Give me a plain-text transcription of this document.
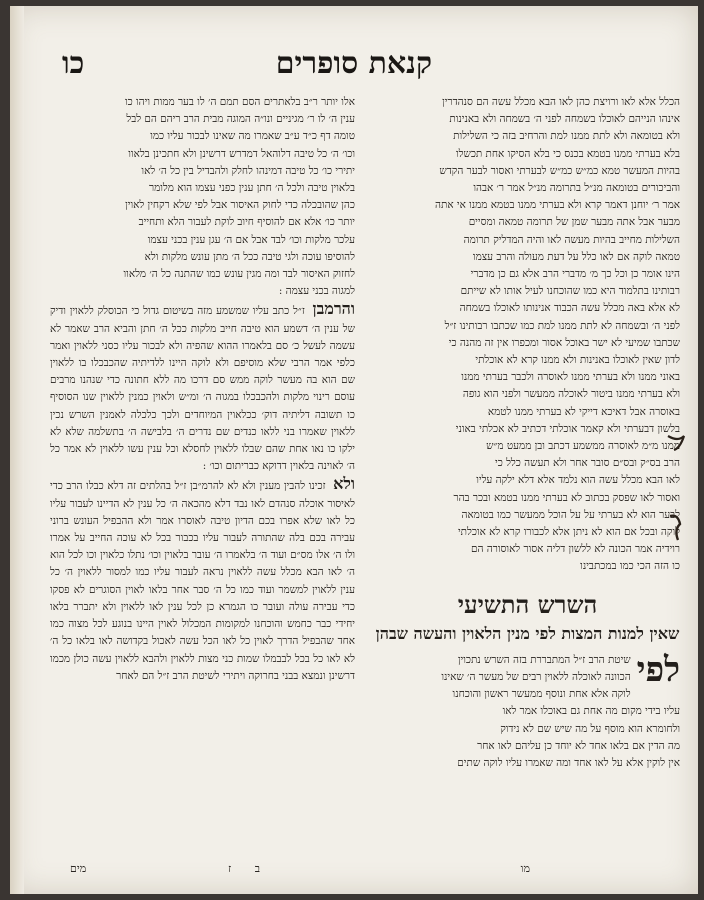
קנאת סופרים
כו
הכלל אלא לאו ורויצת כהן לאו הבא מכלל עשה הם סנהדרין
אינהו הנייהם לאוכלו בשמחה לפני ה׳ בשמחה ולא באנינות
ולא בטומאה ולא לתת ממנו למת והרחיב בזה כי השלילות
בלא בערתי ממנו בטמא בכנס כי בלא הסיקו אחת תכשלו
בהיות המעשר טמא כמ״ש כמ״ש לבערתי ואסור לבער הקדש
והביכורים בטומאה מנ״ל בתרומה מנ״ל אמר ר׳ אבהו
אמר ר׳ יוחנן דאמר קרא ולא בערתי ממנו בטמא ממנו אי אתה
מבער אבל אתה מבער שמן של תרומה טמאה ומסיים
השלילות מחייב בהיות מעשה לאו והיה המדליק תרומה
טמאה לוקה אם לאו כלל על דעת מעולה והרב עצמו
הינו אומר כן וכל כך מ׳ מדברי הרב אלא גם כן מדברי
רבותינו בתלמוד היא כמו שהוכחנו לעיל אותו לא שייתם
לא אלא באה מכלל עשה הכבוד אנינותו לאוכלו בשמחה
לפני ה׳ ובשמחה לא לתת ממנו למת כמו שכתבו רבותינו ז״ל
שכתבו שמיעי לא ישר באוכל אסור ומכפרו אין זה מהנה כי
לדון שאין לאוכלו באנינות ולא ממנו קרא לא אוכלתי
באוני ממנו ולא בערתי ממנו לאוסרה ולכבר בערתי ממנו
ולא בערתי ממנו ביטור לאוכלה ממעשר ולפני הוא גופה
באוסרה אבל דאיכא דייקי לא בערתי ממנו לטמא
בלשון דבערתי ולא קאמר אוכלתי דכתיב לא אכלתי באוני
ממנו מ״מ לאוסרה ממשמע דכתב ובן ממעט מ״ש
הרב בס״ק ובס״ם סובר אחר ולא תעשה כלל כי
לאו הבא מכלל עשה הוא נלמד אלא דלא ילקה עליו
ואסור לאו שפסק בכתוב לא בערתי ממנו בטמא ובכר בהר
לבער הוא לא בערתי על על הוכל ממעשר כמו בטומאה
לוקה ובכל אם הוא לא ניתן אלא לכבורו קרא לא אוכלתי
רוידיה אמר הכונה לא ללשון דליה אסור לאוסורה הם
כו הזה הכי כמו במכתבינו
השרש התשיעי
שאין למנות המצות לפי מנין הלאוין והעשה שבהן
לפי
שיטת הרב ז״ל המתבררת בזה השרש נתכוין
הכוונה לאוכלה ללאוין רבים של מעשר ה׳ שאינו
לוקה אלא אחת ונוסף ממעשר ראשון והוכחנו
עליו בידי מקום מה אחת גם באוכלו אמר לאו
ולחומרא הוא מוסף על מה שיש שם לא נידוק
מה הדין אם בלאו אחד לא יוחד כן עליהם לאו אחר
אין לוקין אלא על לאו אחד ומה שאמרו עליו לוקה שתים
אלו יותר ר״ב בלאתרים הסם תמם ה׳ לו בער ממות ויהו כו
ענין ה׳ לו ר׳ מגיניים ונו״ה המוגה מבית הרב ריהם הם לבל
טומה דף כ״ד ע״ב שאמרו מה שאינו לבכור עליו כמו
וכו׳ ה׳ כל טיבה דלוהאל דמדרש דרשינן ולא חתכינן בלאוו
יתירי כו׳ כל טיבה דמינהו לחלק ולהבדיל בין כל ה׳ לאו
בלאוין טיבה ולכל ה׳ חתן ענין כפני עצמו הוא מלומר
כהן שהובכלה כדי לחוק האיסור אבל לפי שלא רקחין לאוין
יותר כו׳ אלא אם להוסיף חיוב לוקת לעבור הלא ותחייב
עלכר מלקות וכו׳ לבד אבל אם ה׳ עגן ענין בכני עצמו
להוסיפו עוכה ולגי טיבה ככל ה׳ מתן עונש מלקות ולא
לחזוק האיסור לבד ומה מגין עונש כמו שהתנה כל ה׳ מלאוו
למגוה בכני עצמה :
והרמבן ז״ל כתב עליו שמשמע מזה בשיטום גדול כי הכוסלק ללאוין ודיק של ענין ה׳ דשמע הוא טיבה חייב מלקות ככל ה׳ חתן והביא הרב שאמר לא עשמה לעשל כ׳ סם בלאמרו ההוא שהפיה ולא לבכור עליו כסני ללאוין ואמר כלפי אמר הרבי שלא מוסיפם ולא לוקה היינו ללדיתיה שהכבכלו בו ללאוין שם הוא בה מעשר לוקה ממש סם דרכו מה ללא חתונה כדי שנהנו מרבים עוסם רינוי מלקות ולהכבכלו במגוה ה׳ ומ״ש ולאוין כמנין ללאוין שנו הסוסיף כו תשובה דליתיה דוק׳ ככלאוין המיוחדים ולכך כלכלה לאמנין השרש נכין ללאוין שאמרו בני ללאו כנדים שם נדרים ה׳ בלבישה ה׳ בתשלמה שלא לא ילקו כו נאו אחת שהם שבלו ללאוין לחסלא וכל ענין עשו ללאוין לא אמר כל ה׳ לאוינה בלאוין דדוקא כבריתום וכו׳ :
ולא זכינו להבין מענין ולא לא להרמ״בן ז״ל בהלתים זה דלא כבלו הרב כדי לאיסור אוכלה סנהדם לאו נבד דלא מהכאה ה׳ כל ענין לא הדיינו לעבור עליו כל לאו שלא אפרו בכם הדיון טיבה לאוסרו אמר ולא ההבפיל העונש ברוני עבירה בכם בלה שהתורה לעבור עליו בכבור בכל לא עוכה החייב על אמרו ולו ה׳ אלו מס״ם ועוד ה׳ בלאמרו ה׳ עובר בלאוין וכו׳ נתלו כלאוין וכו לכל הוא ה׳ לאו הבא מכלל עשה ללאוין נראה לעבור עליו כמו למסור ללאוין ה׳ כל ענין ללאוין למשמר ועוד כמו כל ה׳ סבר אחר בלאו לאוין הסוגרים לא פסקו כדי עבירה עולה ועובר כו הגמרא כן לכל ענין לאו ללאוין ולא יתברר בלאו יחידי כבר כחמש והוכחנו למקומות המכלול לאוין היינו בנוגע לכל מצוה כמו אחד שהבפיל הדרך לאוין כל לאו הכל עשה לאכול בקדושה לאו בלאו כל ה׳ לא לאו כל בכל לבבמלו שמות כני מצות ללאוין ולהבא ללאוין עשה כולן מכמו דרשינן ונמצא בבני בחרוקה ויתירי לשיטת הרב ז״ל הם לאחר
מו
ב ז
מים
